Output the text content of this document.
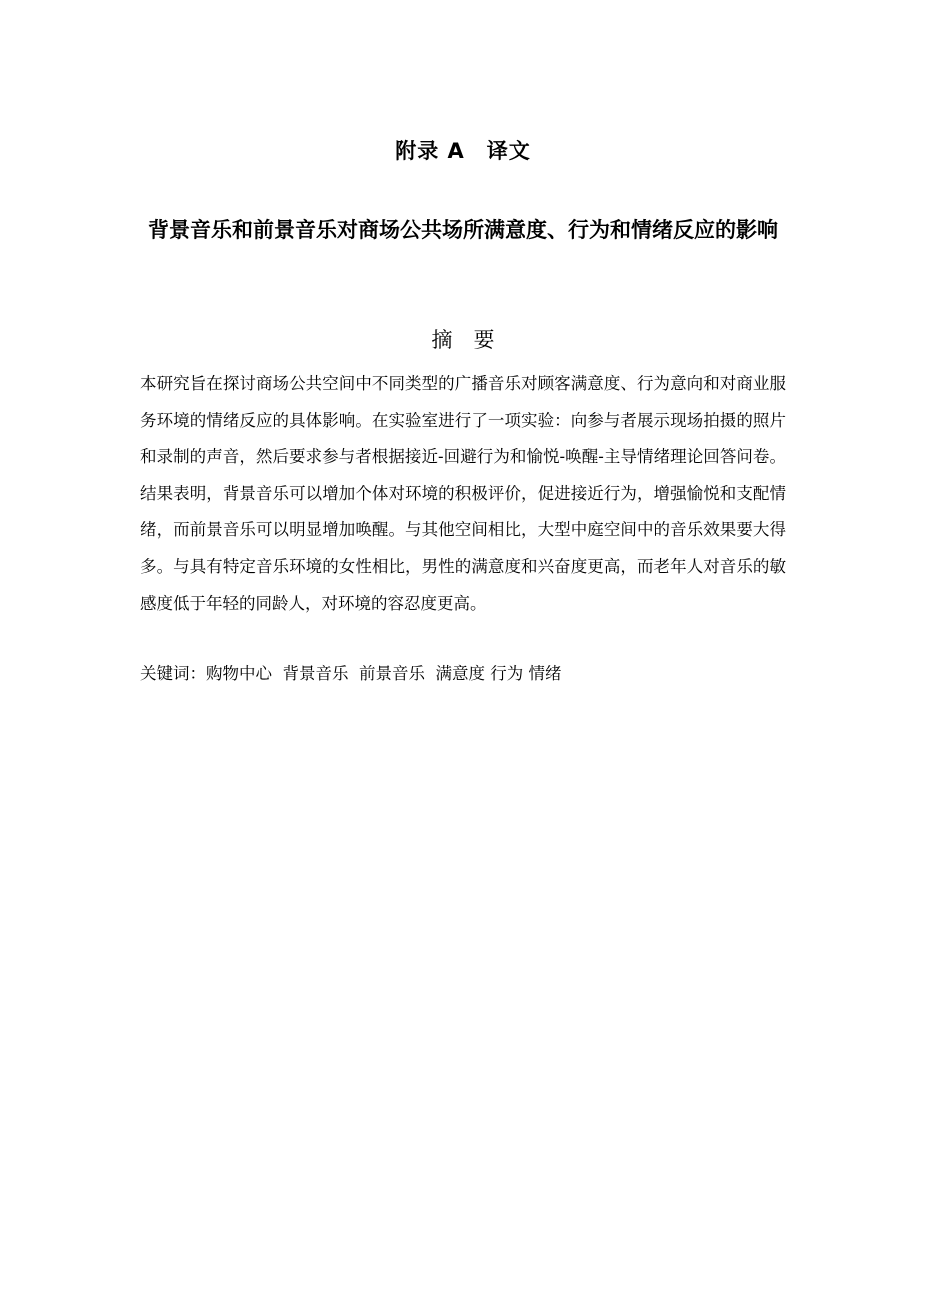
附录 A　译文
背景音乐和前景音乐对商场公共场所满意度、行为和情绪反应的影响
摘　要

本研究旨在探讨商场公共空间中不同类型的广播音乐对顾客满意度、行为意向和对商业服务环境的情绪反应的具体影响。在实验室进行了一项实验：向参与者展示现场拍摄的照片和录制的声音，然后要求参与者根据接近-回避行为和愉悦-唤醒-主导情绪理论回答问卷。结果表明，背景音乐可以增加个体对环境的积极评价，促进接近行为，增强愉悦和支配情绪，而前景音乐可以明显增加唤醒。与其他空间相比，大型中庭空间中的音乐效果要大得多。与具有特定音乐环境的女性相比，男性的满意度和兴奋度更高，而老年人对音乐的敏感度低于年轻的同龄人，对环境的容忍度更高。

关键词：购物中心 背景音乐 前景音乐 满意度 行为 情绪
